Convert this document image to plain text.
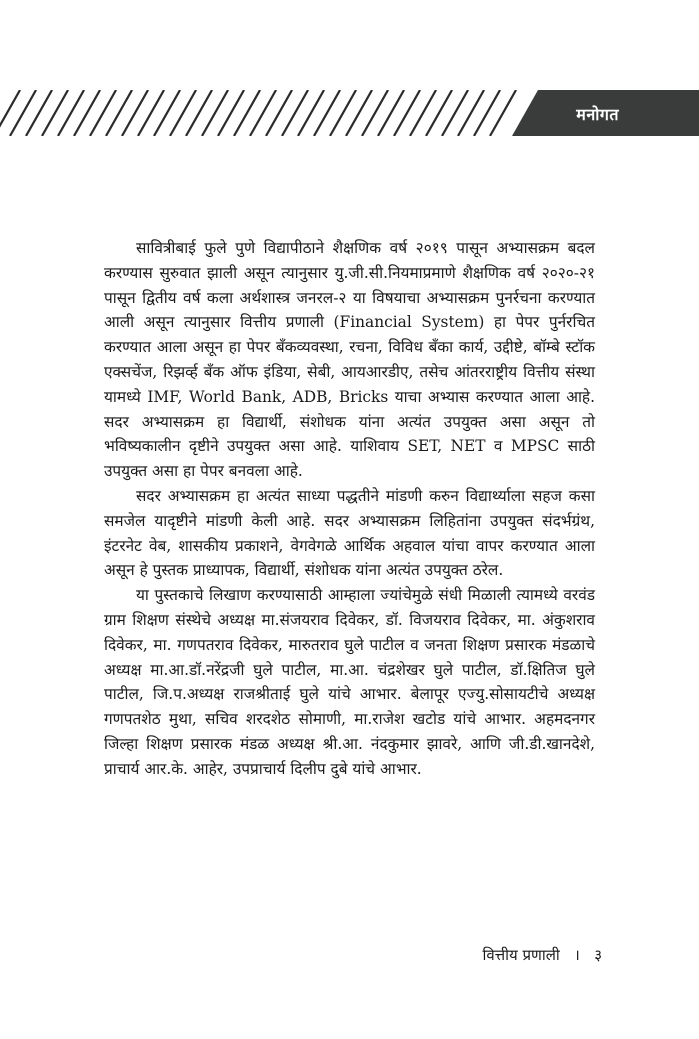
मनोगत

सावित्रीबाई फुले पुणे विद्यापीठाने शैक्षणिक वर्ष २०१९ पासून अभ्यासक्रम बदल करण्यास सुरुवात झाली असून त्यानुसार यु.जी.सी.नियमाप्रमाणे शैक्षणिक वर्ष २०२०-२१ पासून द्वितीय वर्ष कला अर्थशास्त्र जनरल-२ या विषयाचा अभ्यासक्रम पुनर्रचना करण्यात आली असून त्यानुसार वित्तीय प्रणाली (Financial System) हा पेपर पुर्नरचित करण्यात आला असून हा पेपर बँकव्यवस्था, रचना, विविध बँका कार्य, उद्दीष्टे, बॉम्बे स्टॉक एक्सचेंज, रिझर्व्ह बँक ऑफ इंडिया, सेबी, आयआरडीए, तसेच आंतरराष्ट्रीय वित्तीय संस्था यामध्ये IMF, World Bank, ADB, Bricks याचा अभ्यास करण्यात आला आहे. सदर अभ्यासक्रम हा विद्यार्थी, संशोधक यांना अत्यंत उपयुक्त असा असून तो भविष्यकालीन दृष्टीने उपयुक्त असा आहे. याशिवाय SET, NET व MPSC साठी उपयुक्त असा हा पेपर बनवला आहे.

सदर अभ्यासक्रम हा अत्यंत साध्या पद्धतीने मांडणी करुन विद्यार्थ्याला सहज कसा समजेल यादृष्टीने मांडणी केली आहे. सदर अभ्यासक्रम लिहितांना उपयुक्त संदर्भग्रंथ, इंटरनेट वेब, शासकीय प्रकाशने, वेगवेगळे आर्थिक अहवाल यांचा वापर करण्यात आला असून हे पुस्तक प्राध्यापक, विद्यार्थी, संशोधक यांना अत्यंत उपयुक्त ठरेल.

या पुस्तकाचे लिखाण करण्यासाठी आम्हाला ज्यांचेमुळे संधी मिळाली त्यामध्ये वरवंड ग्राम शिक्षण संस्थेचे अध्यक्ष मा.संजयराव दिवेकर, डॉ. विजयराव दिवेकर, मा. अंकुशराव दिवेकर, मा. गणपतराव दिवेकर, मारुतराव घुले पाटील व जनता शिक्षण प्रसारक मंडळाचे अध्यक्ष मा.आ.डॉ.नरेंद्रजी घुले पाटील, मा.आ. चंद्रशेखर घुले पाटील, डॉ.क्षितिज घुले पाटील, जि.प.अध्यक्ष राजश्रीताई घुले यांचे आभार. बेलापूर एज्यु.सोसायटीचे अध्यक्ष गणपतशेठ मुथा, सचिव शरदशेठ सोमाणी, मा.राजेश खटोड यांचे आभार. अहमदनगर जिल्हा शिक्षण प्रसारक मंडळ अध्यक्ष श्री.आ. नंदकुमार झावरे, आणि जी.डी.खानदेशे, प्राचार्य आर.के. आहेर, उपप्राचार्य दिलीप दुबे यांचे आभार.

वित्तीय प्रणाली । ३
